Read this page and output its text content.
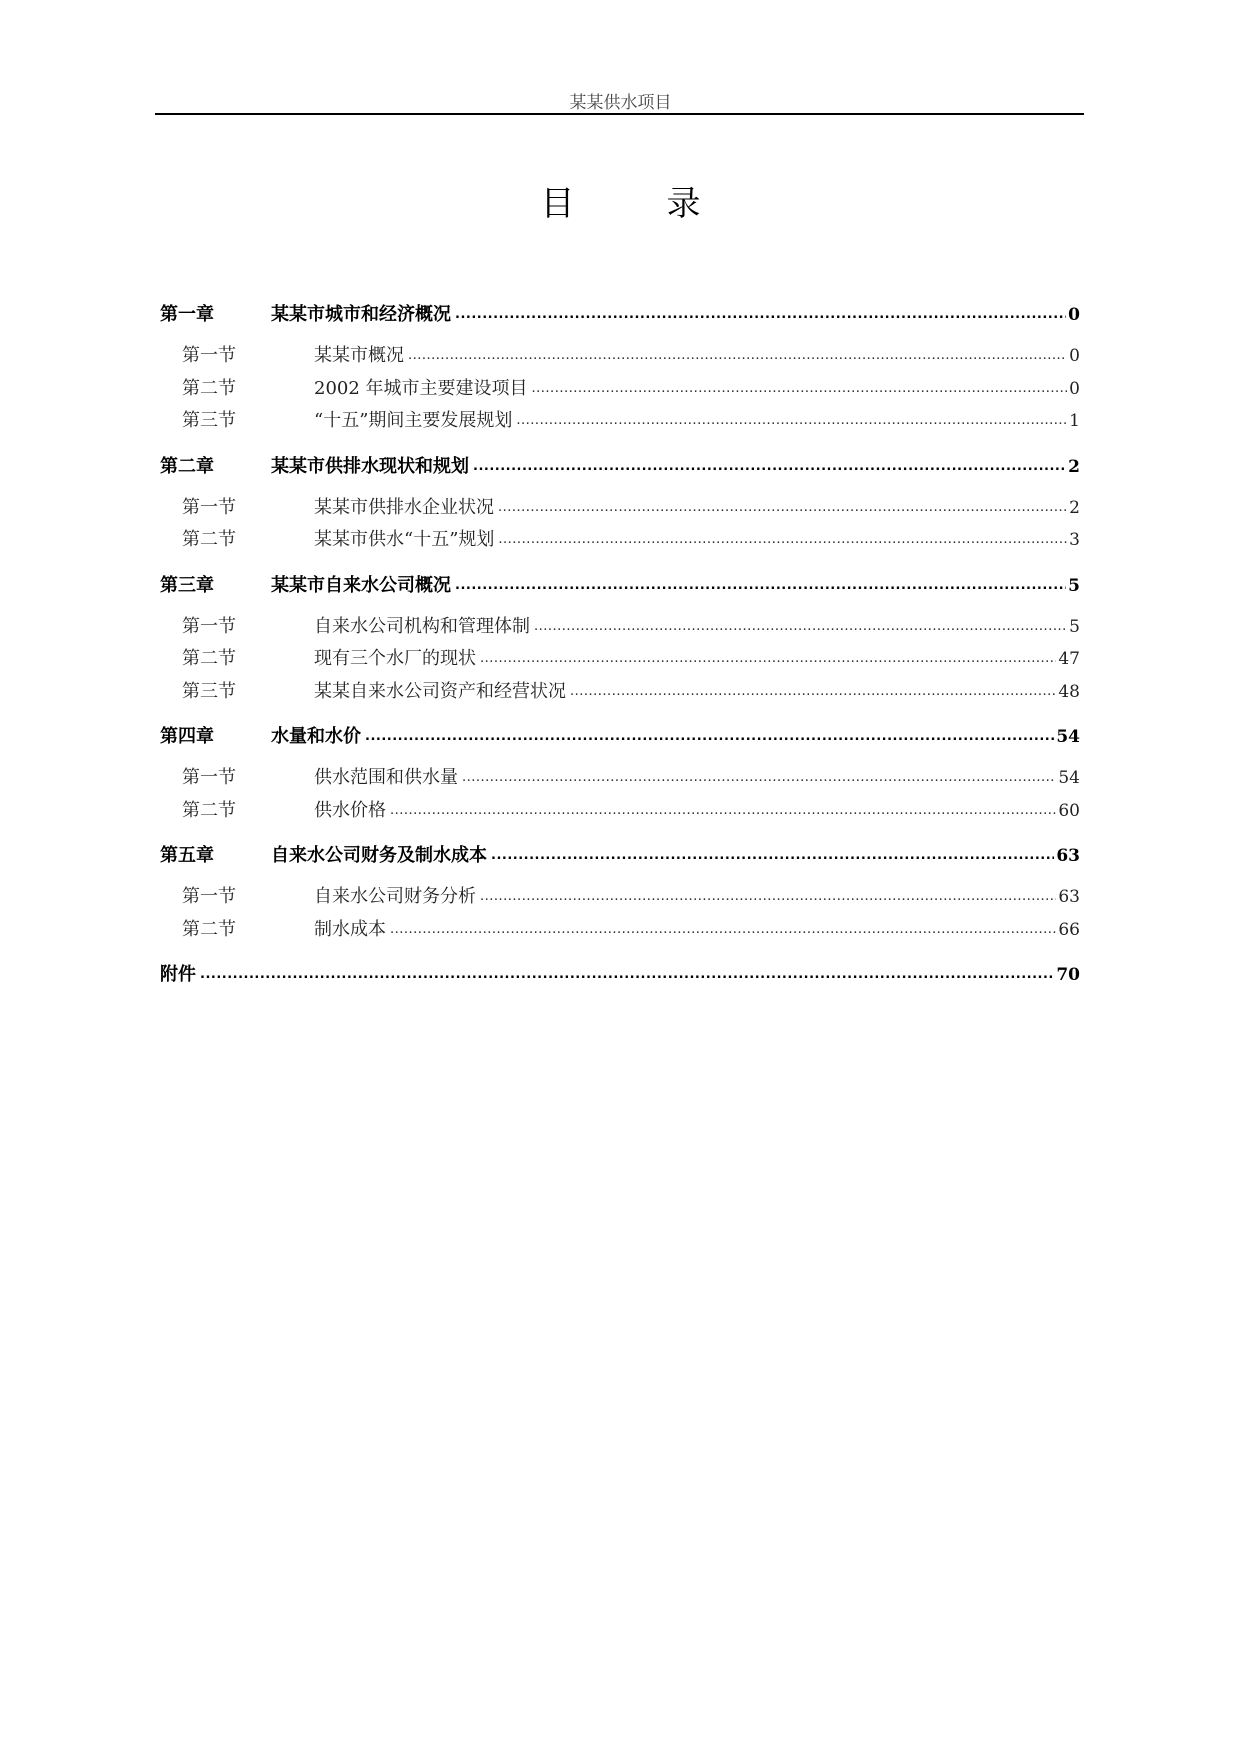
某某供水项目
目	录
第一章	某某市城市和经济概况 .....	0
第一节	某某市概况 .....	0
第二节	2002 年城市主要建设项目 .....	0
第三节	“十五”期间主要发展规划 .....	1
第二章	某某市供排水现状和规划 .....	2
第一节	某某市供排水企业状况 .....	2
第二节	某某市供水“十五”规划 .....	3
第三章	某某市自来水公司概况 .....	5
第一节	自来水公司机构和管理体制 .....	5
第二节	现有三个水厂的现状 .....	47
第三节	某某自来水公司资产和经营状况 .....	48
第四章	水量和水价 .....	54
第一节	供水范围和供水量 .....	54
第二节	供水价格 .....	60
第五章	自来水公司财务及制水成本 .....	63
第一节	自来水公司财务分析 .....	63
第二节	制水成本 .....	66
附件 .....	70
